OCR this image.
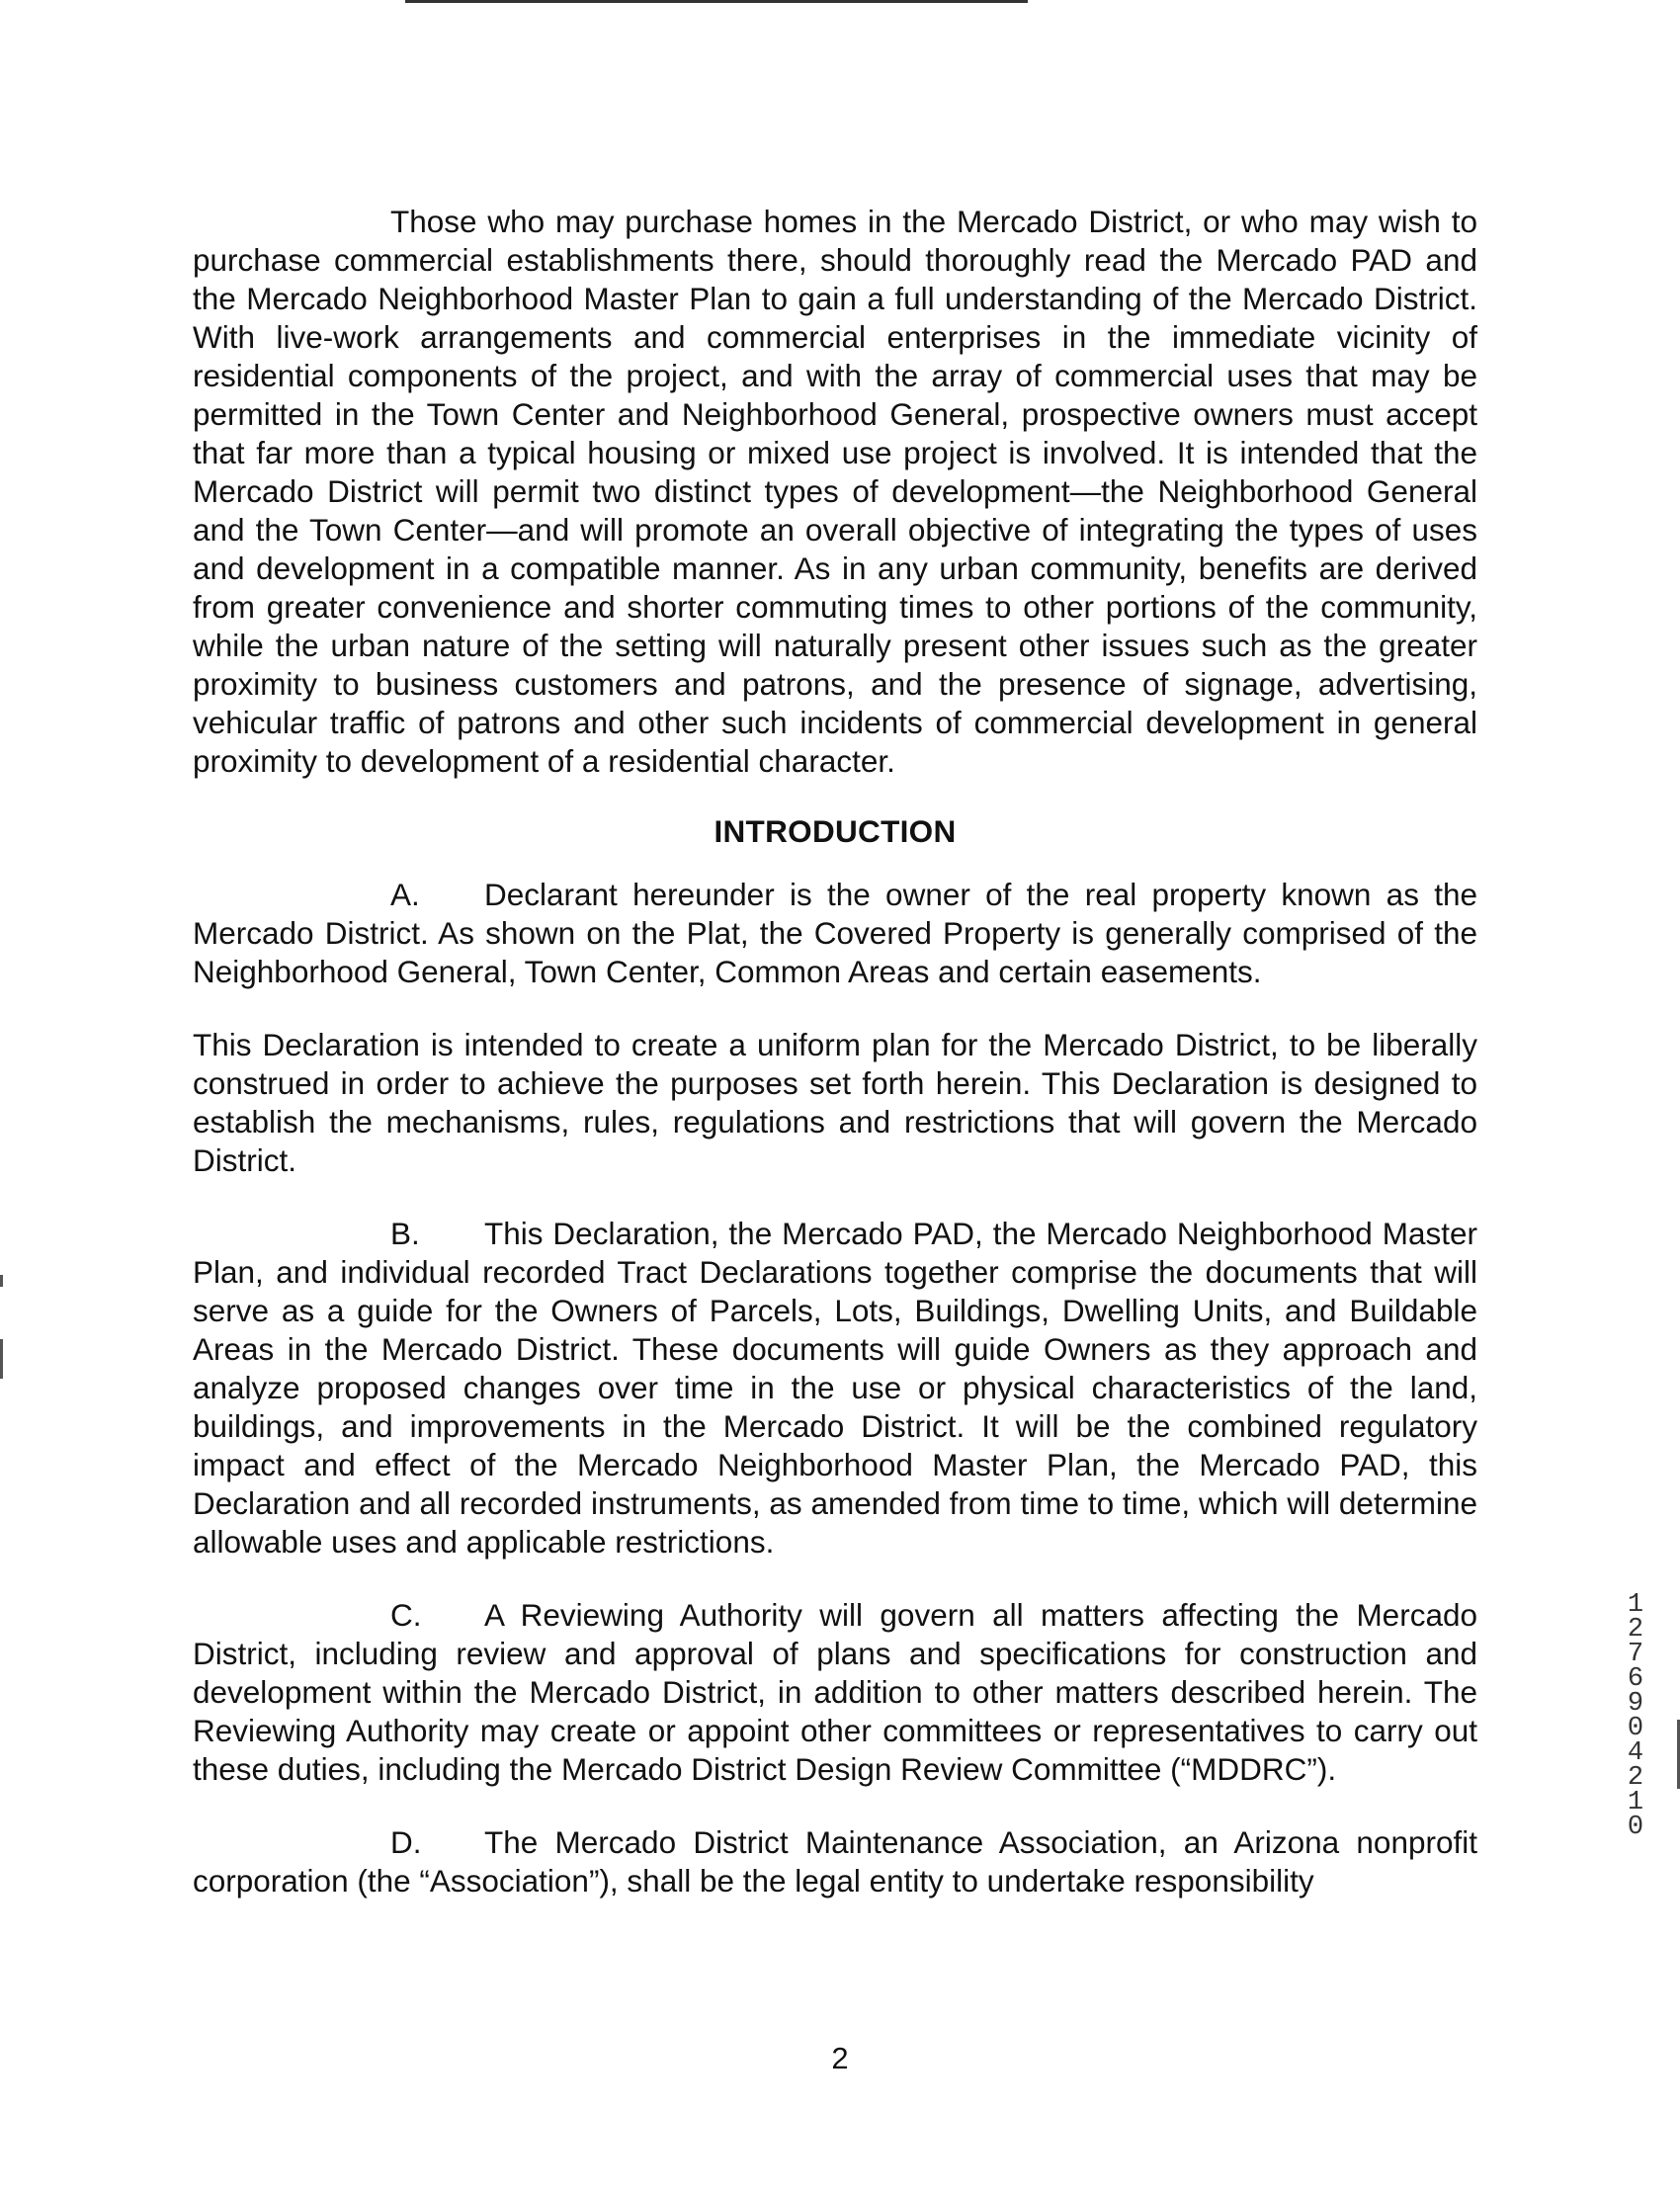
Those who may purchase homes in the Mercado District, or who may wish to purchase commercial establishments there, should thoroughly read the Mercado PAD and the Mercado Neighborhood Master Plan to gain a full understanding of the Mercado District. With live-work arrangements and commercial enterprises in the immediate vicinity of residential components of the project, and with the array of commercial uses that may be permitted in the Town Center and Neighborhood General, prospective owners must accept that far more than a typical housing or mixed use project is involved. It is intended that the Mercado District will permit two distinct types of development—the Neighborhood General and the Town Center—and will promote an overall objective of integrating the types of uses and development in a compatible manner. As in any urban community, benefits are derived from greater convenience and shorter commuting times to other portions of the community, while the urban nature of the setting will naturally present other issues such as the greater proximity to business customers and patrons, and the presence of signage, advertising, vehicular traffic of patrons and other such incidents of commercial development in general proximity to development of a residential character.

INTRODUCTION

A. Declarant hereunder is the owner of the real property known as the Mercado District. As shown on the Plat, the Covered Property is generally comprised of the Neighborhood General, Town Center, Common Areas and certain easements.

This Declaration is intended to create a uniform plan for the Mercado District, to be liberally construed in order to achieve the purposes set forth herein. This Declaration is designed to establish the mechanisms, rules, regulations and restrictions that will govern the Mercado District.

B. This Declaration, the Mercado PAD, the Mercado Neighborhood Master Plan, and individual recorded Tract Declarations together comprise the documents that will serve as a guide for the Owners of Parcels, Lots, Buildings, Dwelling Units, and Buildable Areas in the Mercado District. These documents will guide Owners as they approach and analyze proposed changes over time in the use or physical characteristics of the land, buildings, and improvements in the Mercado District. It will be the combined regulatory impact and effect of the Mercado Neighborhood Master Plan, the Mercado PAD, this Declaration and all recorded instruments, as amended from time to time, which will determine allowable uses and applicable restrictions.

C. A Reviewing Authority will govern all matters affecting the Mercado District, including review and approval of plans and specifications for construction and development within the Mercado District, in addition to other matters described herein. The Reviewing Authority may create or appoint other committees or representatives to carry out these duties, including the Mercado District Design Review Committee (“MDDRC”).

D. The Mercado District Maintenance Association, an Arizona nonprofit corporation (the “Association”), shall be the legal entity to undertake responsibility

12769 04210
2
